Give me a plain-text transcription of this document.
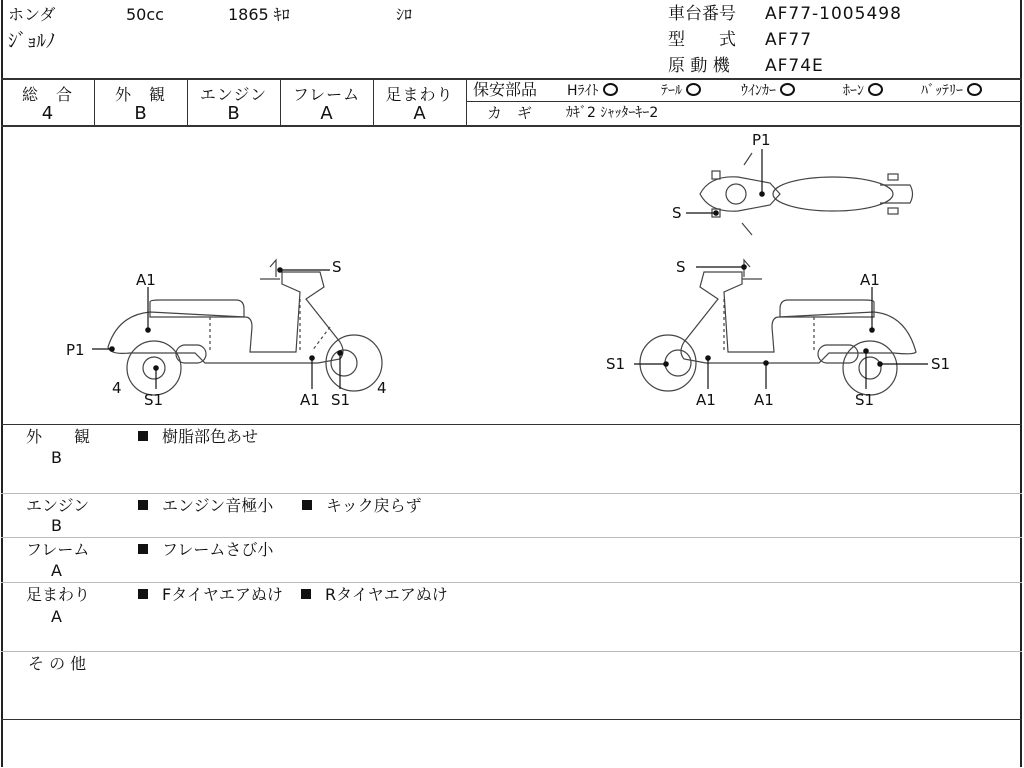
ホンダ	50cc	1865 ｷﾛ	ｼﾛ
ｼﾞｮﾙﾉ
車台番号 AF77-1005498
型　　式 AF77
原 動 機 AF74E
総　合
4
外　観
B
エンジン
B
フレーム
A
足まわり
A
保安部品 Hﾗｲﾄ	ﾃｰﾙ	ｳｲﾝｶｰ	ﾎｰﾝ	ﾊﾞｯﾃﾘｰ
カ　ギ ｶｷﾞ2 ｼｬｯﾀｰｷｰ2
A1
S
P1
4
S1	A1 S1
4
S
A1
S1
A1	A1	S1
S1
P1
S
外　　観
B
樹脂部色あせ
エンジン
B
エンジン音極小	キック戻らず
フレーム
A
フレームさび小
足まわり
A
Fタイヤエアぬけ	Rタイヤエアぬけ
そ の 他
